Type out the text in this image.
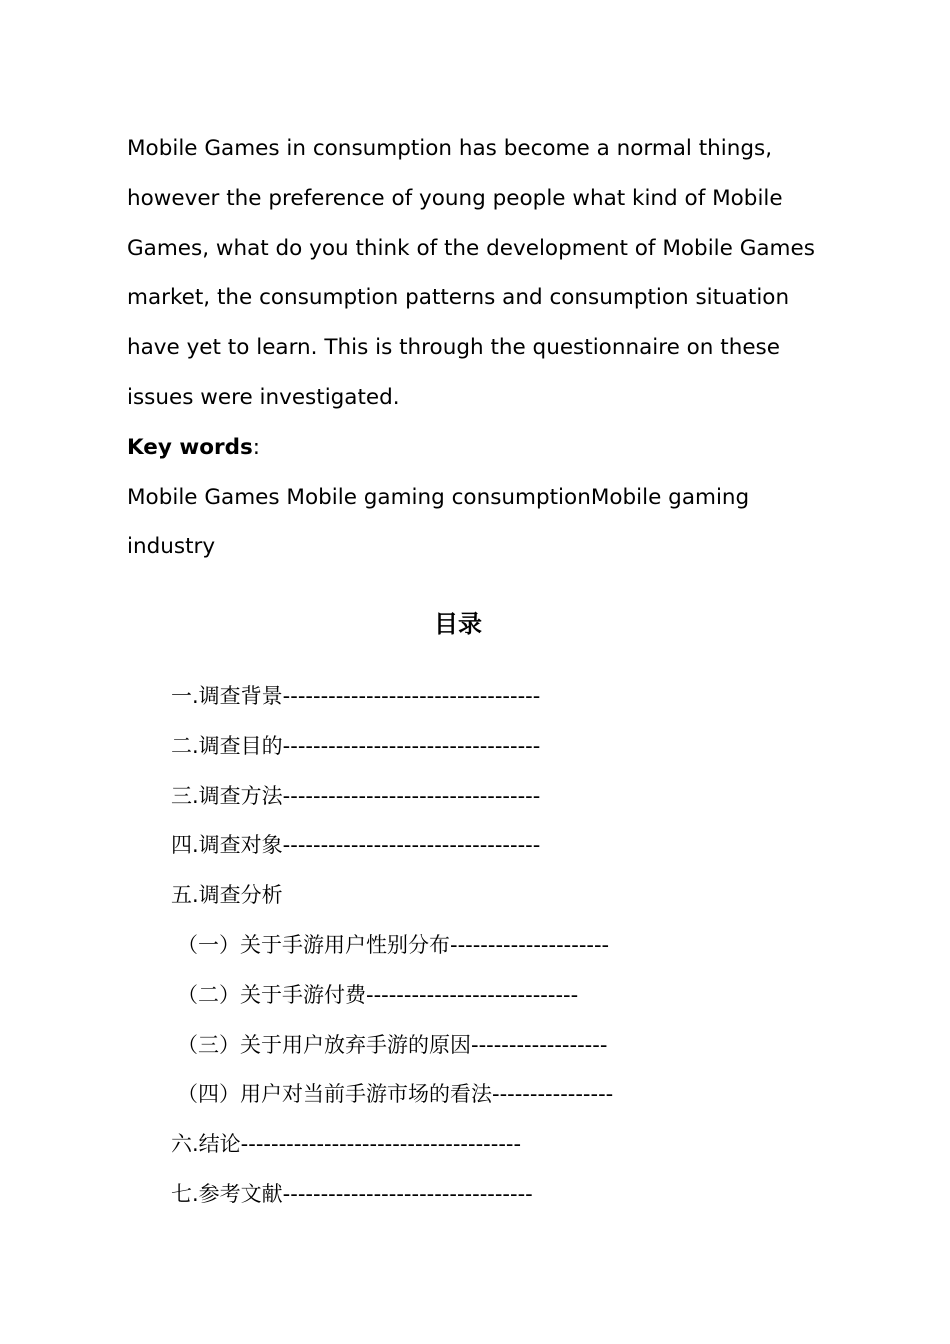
Mobile Games in consumption has become a normal things, however the preference of young people what kind of Mobile Games, what do you think of the development of Mobile Games market, the consumption patterns and consumption situation have yet to learn. This is through the questionnaire on these issues were investigated.

Key words:

Mobile Games Mobile gaming consumptionMobile gaming industry

目录
一.调查背景----------------------------------
二.调查目的----------------------------------
三.调查方法----------------------------------
四.调查对象----------------------------------
五.调查分析
（一）关于手游用户性别分布---------------------
（二）关于手游付费----------------------------
（三）关于用户放弃手游的原因------------------
（四）用户对当前手游市场的看法----------------
六.结论-------------------------------------
七.参考文献---------------------------------
